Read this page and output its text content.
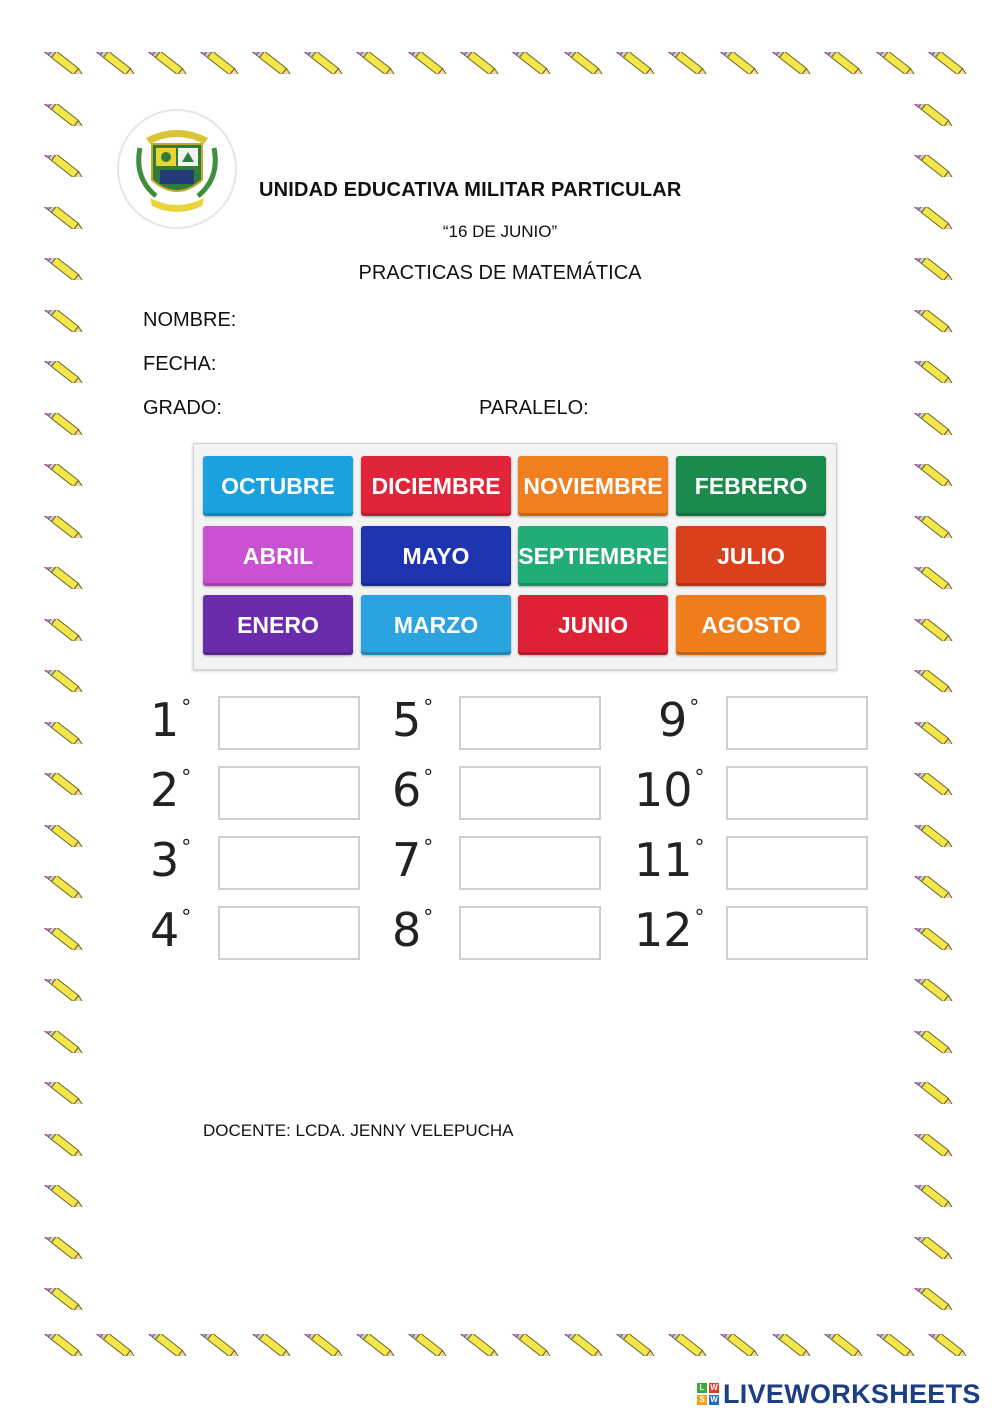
UNIDAD EDUCATIVA MILITAR PARTICULAR
“16 DE JUNIO”
PRACTICAS DE MATEMÁTICA
NOMBRE:
FECHA:
GRADO:	PARALELO:
OCTUBRE	DICIEMBRE NOVIEMBRE	FEBRERO
ABRIL	MAYO	SEPTIEMBRE	JULIO
ENERO	MARZO	JUNIO	AGOSTO
1 °
2 °
3 °
4 °
5 °
6 °
7 °
8 °
9 °
10 °
11 °
12 °
DOCENTE: LCDA. JENNY VELEPUCHA
L W
S W LIVEWORKSHEETS
